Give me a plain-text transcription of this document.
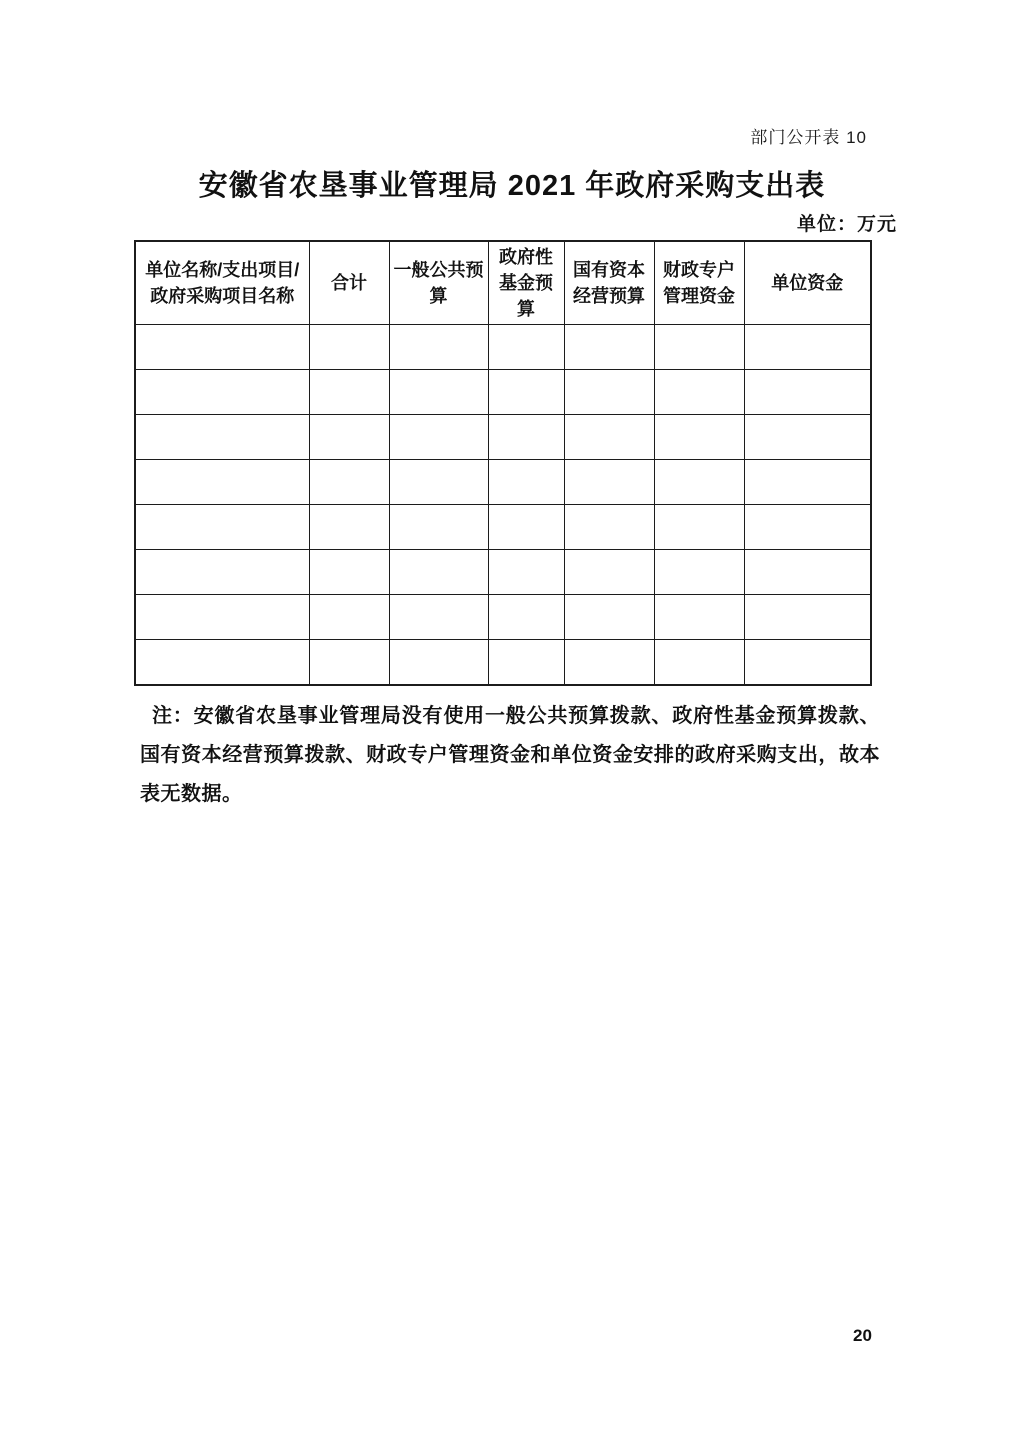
部门公开表 10
安徽省农垦事业管理局 2021 年政府采购支出表
单位：万元
单位名称/支出项目/政府采购项目名称	合计	一般公共预算	政府性基金预算	国有资本经营预算	财政专户管理资金	单位资金

注：安徽省农垦事业管理局没有使用一般公共预算拨款、政府性基金预算拨款、国有资本经营预算拨款、财政专户管理资金和单位资金安排的政府采购支出，故本表无数据。

20
